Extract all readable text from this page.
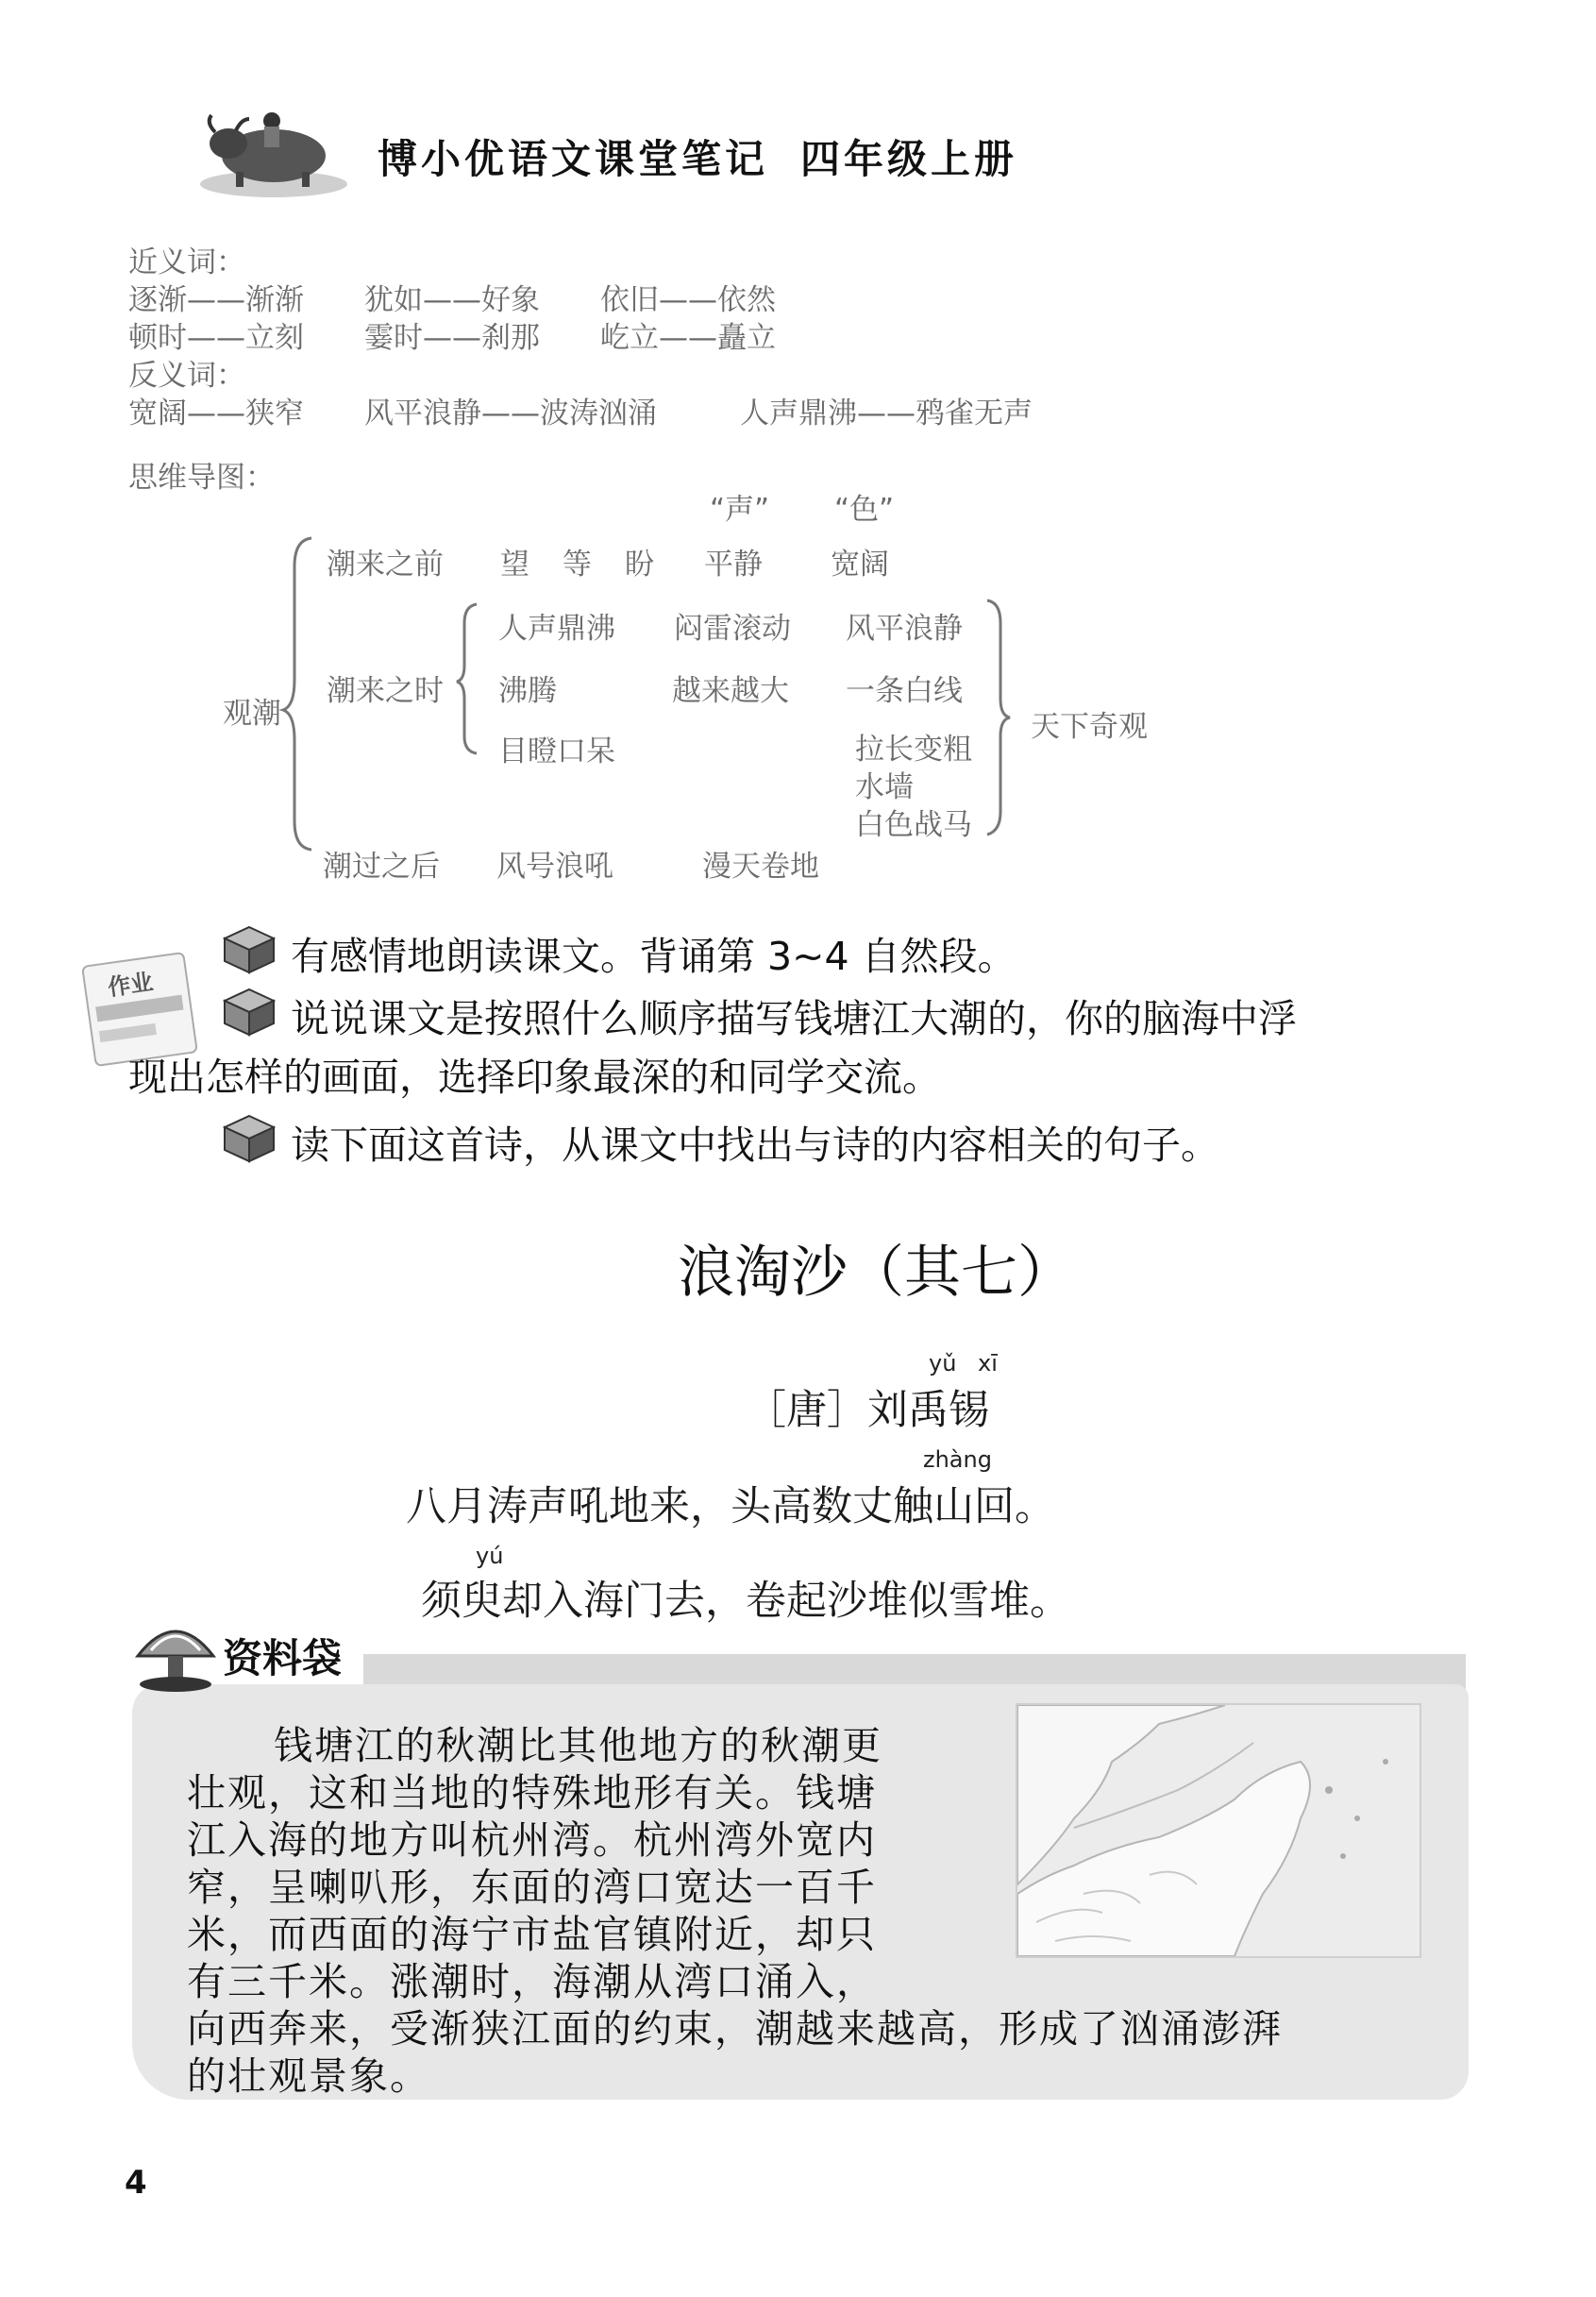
博小优语文课堂笔记 四年级上册
近义词：
逐渐——渐渐 犹如——好象 依旧——依然
顿时——立刻 霎时——刹那 屹立——矗立
反义词：
宽阔——狭窄 风平浪静——波涛汹涌	人声鼎沸——鸦雀无声
思维导图：
“声” “色”
观潮
潮来之前 望 等 盼 平静 宽阔
潮来之时
人声鼎沸 闷雷滚动 风平浪静
沸腾	越来越大 一条白线
目瞪口呆	拉长变粗
水墙
白色战马
天下奇观
潮过之后 风号浪吼	漫天卷地
作业
有感情地朗读课文。背诵第 3~4 自然段。
说说课文是按照什么顺序描写钱塘江大潮的，你的脑海中浮
现出怎样的画面，选择印象最深的和同学交流。
读下面这首诗，从课文中找出与诗的内容相关的句子。
浪淘沙（其七）
yǔ xī
［唐］刘禹锡
zhàng
八月涛声吼地来，头高数丈触山回。
yú
须臾却入海门去，卷起沙堆似雪堆。
资料袋
钱塘江的秋潮比其他地方的秋潮更
壮观，这和当地的特殊地形有关。钱塘
江入海的地方叫杭州湾。杭州湾外宽内
窄，呈喇叭形，东面的湾口宽达一百千
米，而西面的海宁市盐官镇附近，却只
有三千米。涨潮时，海潮从湾口涌入，
向西奔来，受渐狭江面的约束，潮越来越高，形成了汹涌澎湃
的壮观景象。
4
